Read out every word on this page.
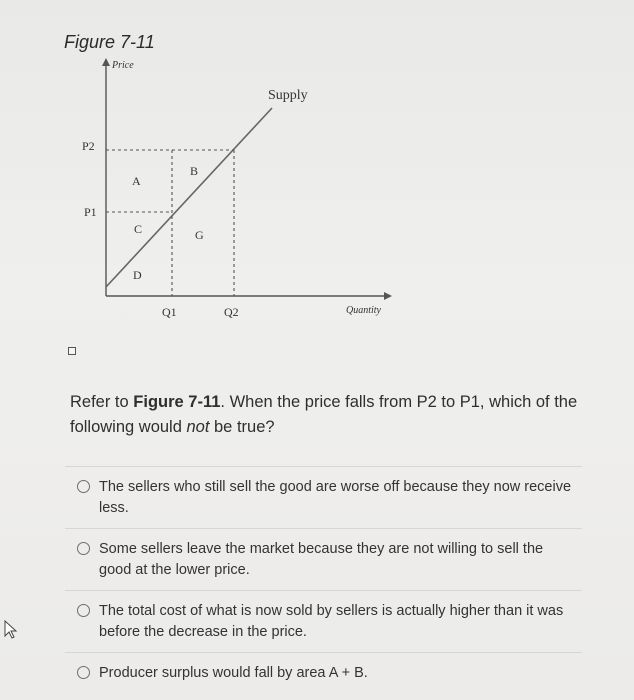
Figure 7-11
Price
Quantity
Supply
P2
P1
Q1	Q2
A
B
C
D
G
Refer to Figure 7-11. When the price falls from P2 to P1, which of the following would not be true?
The sellers who still sell the good are worse off because they now receive less.
Some sellers leave the market because they are not willing to sell the good at the lower price.
The total cost of what is now sold by sellers is actually higher than it was before the decrease in the price.
Producer surplus would fall by area A + B.
